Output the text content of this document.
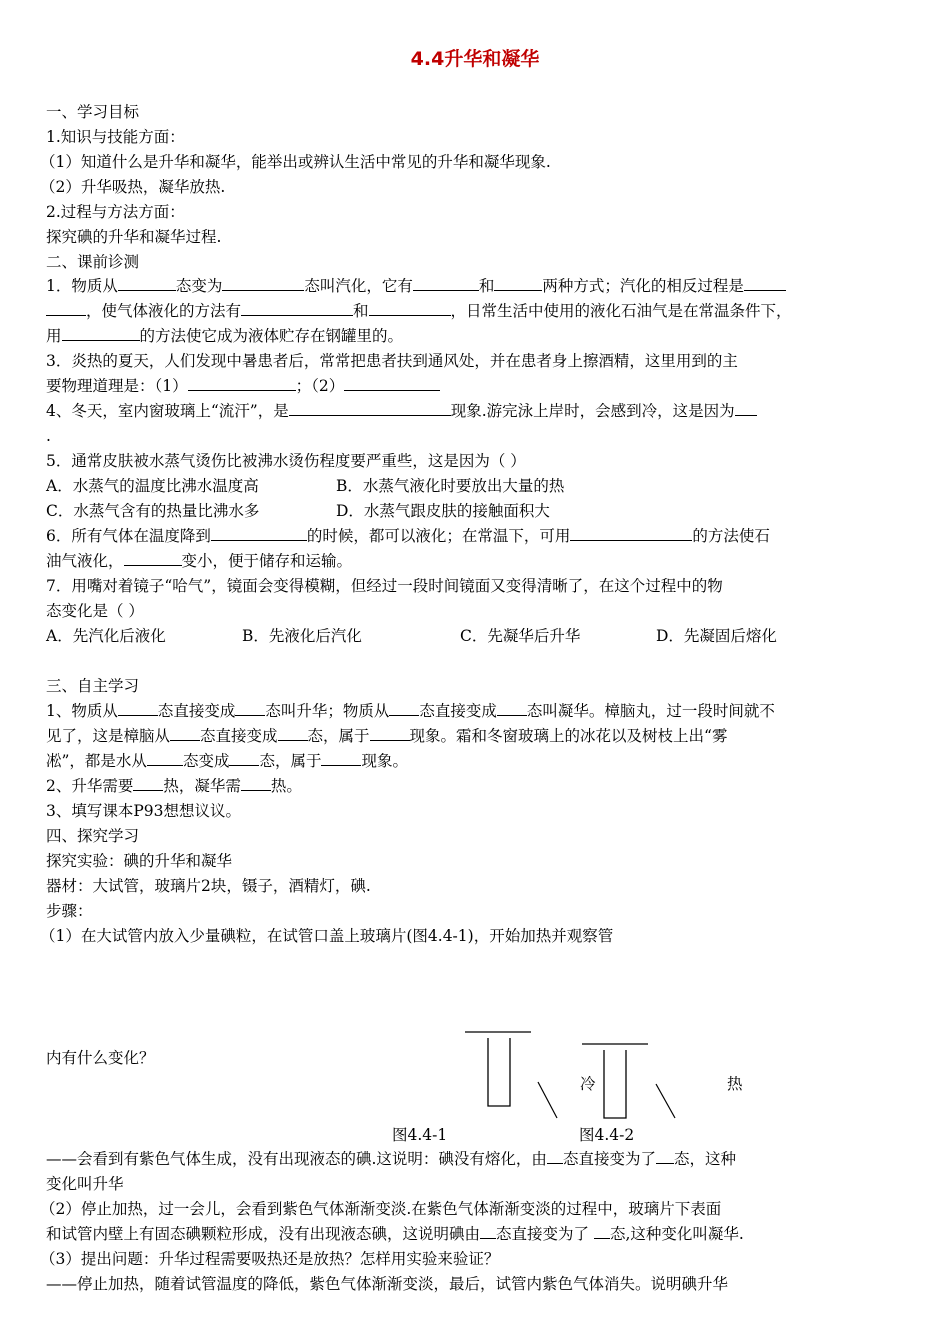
4.4升华和凝华
一、学习目标
1.知识与技能方面：
（1）知道什么是升华和凝华，能举出或辨认生活中常见的升华和凝华现象.
（2）升华吸热，凝华放热.
2.过程与方法方面：
探究碘的升华和凝华过程.
二、课前诊测
1．物质从	态变为	态叫汽化，它有	和	两种方式；汽化的相反过程是
，使气体液化的方法有	和	，日常生活中使用的液化石油气是在常温条件下，
用	的方法使它成为液体贮存在钢罐里的。
3．炎热的夏天，人们发现中暑患者后，常常把患者扶到通风处，并在患者身上擦酒精，这里用到的主
要物理道理是：（1）	；（2）
4、冬天，室内窗玻璃上“流汗”，是	现象.游完泳上岸时，会感到冷，这是因为
.
5．通常皮肤被水蒸气烫伤比被沸水烫伤程度要严重些，这是因为（ ）
A．水蒸气的温度比沸水温度高	B．水蒸气液化时要放出大量的热
C．水蒸气含有的热量比沸水多	D．水蒸气跟皮肤的接触面积大
6．所有气体在温度降到	的时候，都可以液化；在常温下，可用	的方法使石
油气液化，	变小，便于储存和运输。
7．用嘴对着镜子“哈气”，镜面会变得模糊，但经过一段时间镜面又变得清晰了，在这个过程中的物
态变化是（ ）
A．先汽化后液化	B．先液化后汽化	C．先凝华后升华	D．先凝固后熔化
三、自主学习
1、物质从	态直接变成 态叫升华；物质从 态直接变成 态叫凝华。樟脑丸，过一段时间就不
见了，这是樟脑从 态直接变成 态，属于	现象。霜和冬窗玻璃上的冰花以及树枝上出“雾
凇”，都是水从 态变成 态，属于	现象。
2、升华需要 热，凝华需 热。
3、填写课本P93想想议议。
四、探究学习
探究实验：碘的升华和凝华
器材：大试管，玻璃片2块，镊子，酒精灯，碘.
步骤：
（1）在大试管内放入少量碘粒，在试管口盖上玻璃片(图4.4-1)，开始加热并观察管
内有什么变化？
冷	热
图4.4-1	图4.4-2
——会看到有紫色气体生成，没有出现液态的碘.这说明：碘没有熔化，由 态直接变为了 态，这种
变化叫升华
（2）停止加热，过一会儿，会看到紫色气体渐渐变淡.在紫色气体渐渐变淡的过程中，玻璃片下表面
和试管内壁上有固态碘颗粒形成，没有出现液态碘，这说明碘由 态直接变为了 态,这种变化叫凝华.
（3）提出问题：升华过程需要吸热还是放热？怎样用实验来验证？
——停止加热，随着试管温度的降低，紫色气体渐渐变淡，最后，试管内紫色气体消失。说明碘升华
